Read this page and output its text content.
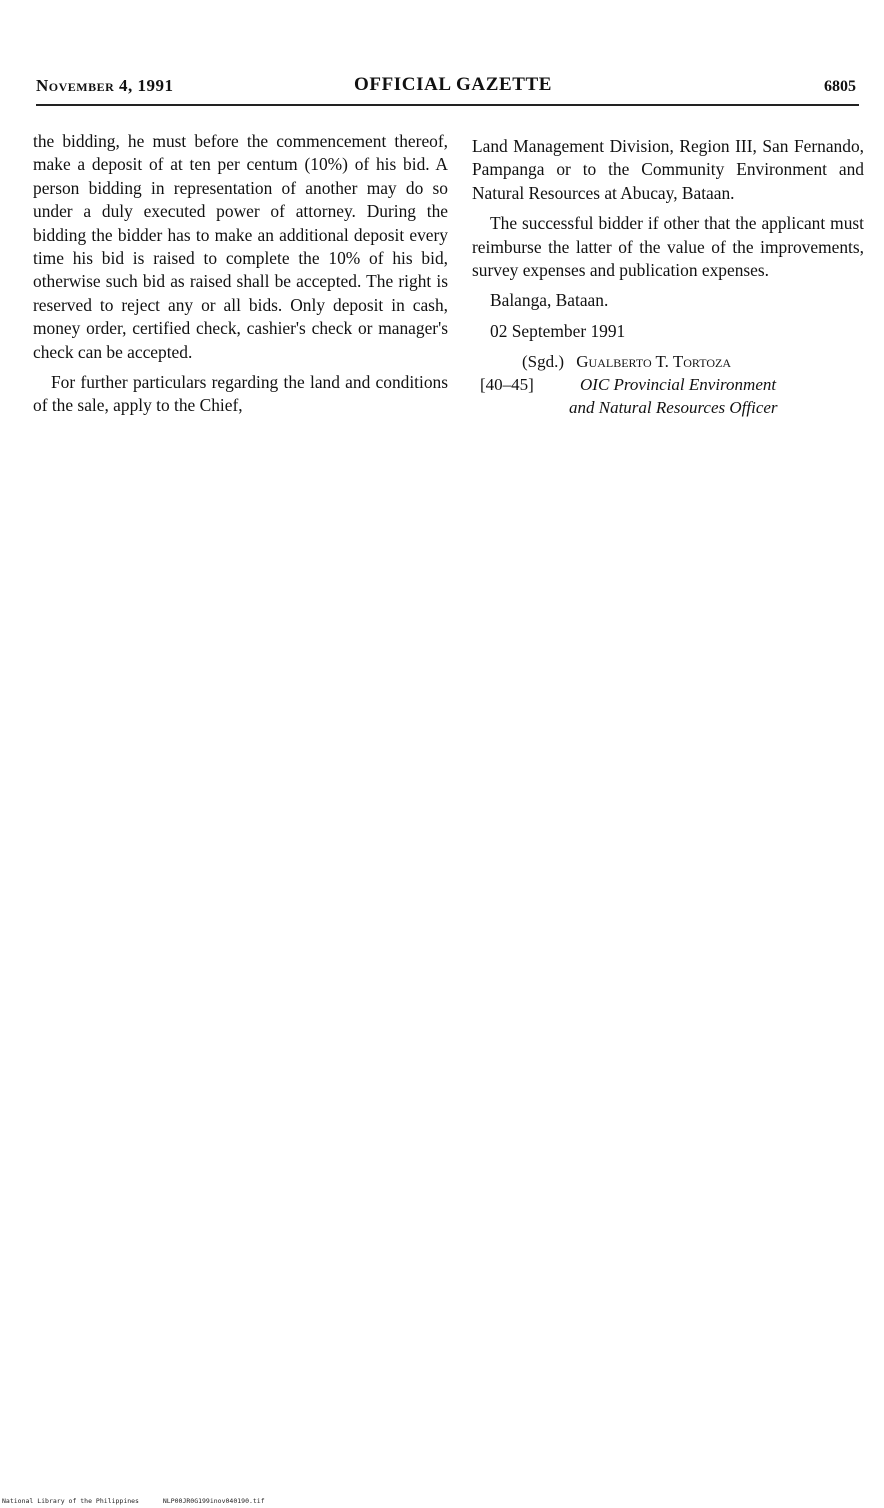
November 4, 1991	OFFICIAL GAZETTE	6805

the bidding, he must before the commencement thereof, make a deposit of at ten per centum (10%) of his bid. A person bidding in representation of another may do so under a duly executed power of attorney. During the bidding the bidder has to make an additional deposit every time his bid is raised to complete the 10% of his bid, otherwise such bid as raised shall be accepted. The right is reserved to reject any or all bids. Only deposit in cash, money order, certified check, cashier's check or manager's check can be accepted.

For further particulars regarding the land and conditions of the sale, apply to the Chief,

Land Management Division, Region III, San Fernando, Pampanga or to the Community Environment and Natural Resources at Abucay, Bataan.

The successful bidder if other that the applicant must reimburse the latter of the value of the improvements, survey expenses and publication expenses.

Balanga, Bataan.

02 September 1991

(Sgd.) Gualberto T. Tortoza
[40–45]	OIC Provincial Environment
and Natural Resources Officer
National Library of the Philippines	NLP00JR0G199inov040190.tif
